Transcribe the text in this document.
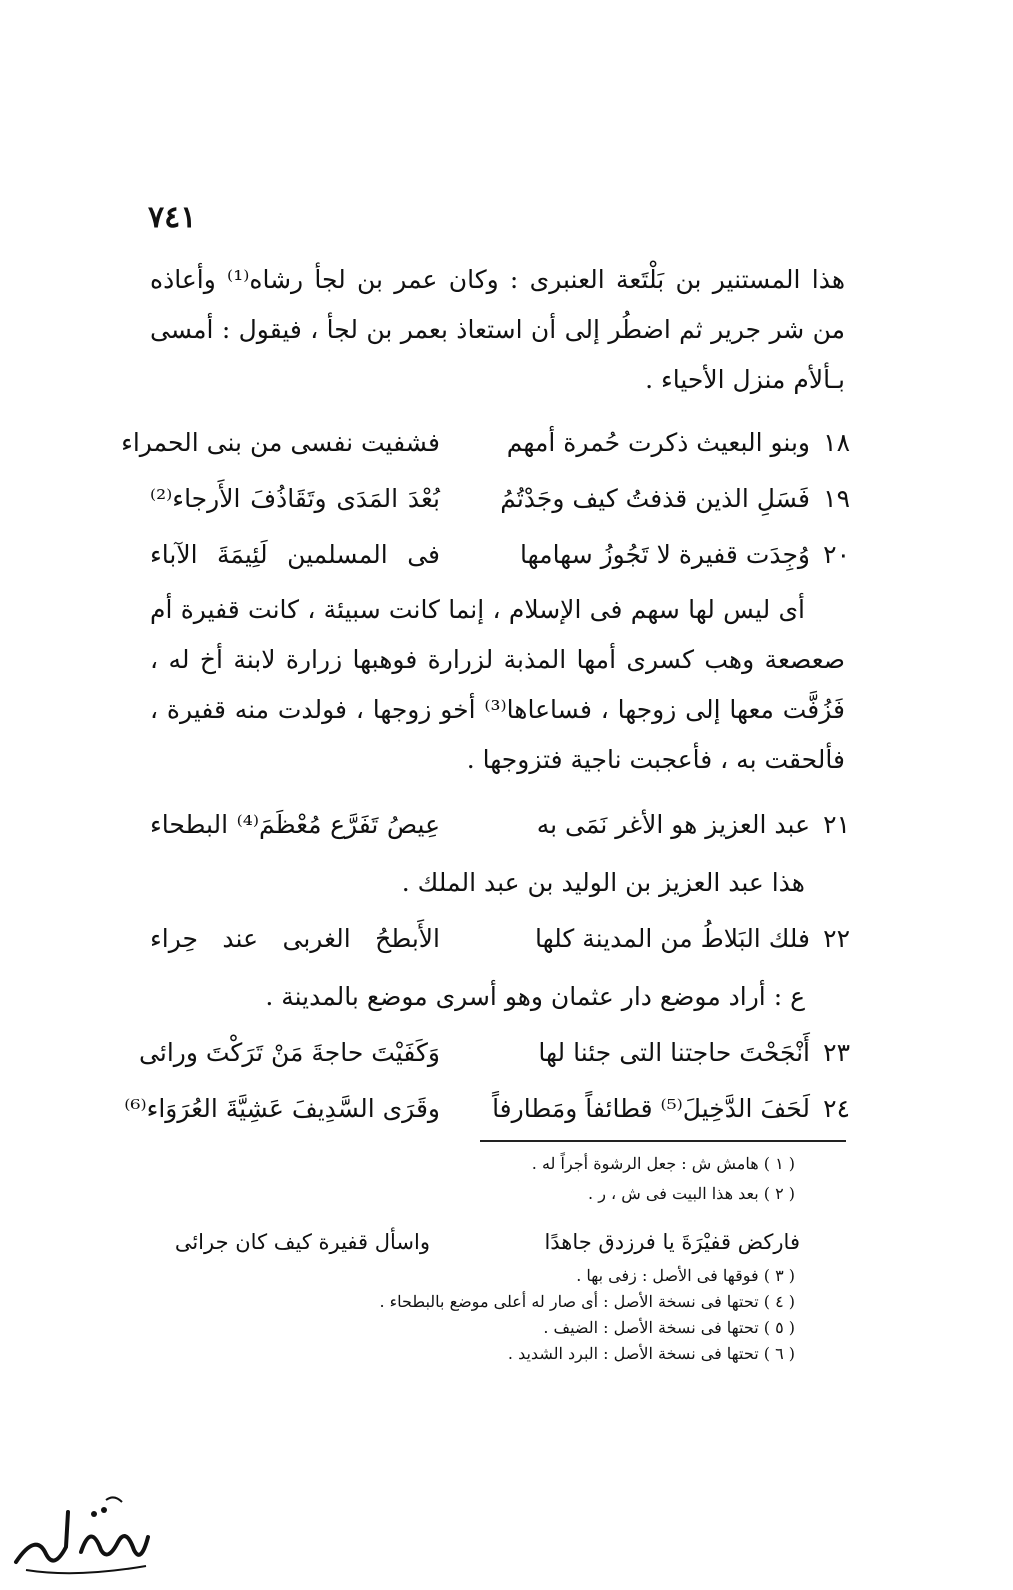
٧٤١

هذا المستنير بن بَلْتَعة العنبرى : وكان عمر بن لجأ رشاه⁽¹⁾ وأعاذه من شر جرير ثم اضطُر إلى أن استعاذ بعمر بن لجأ ، فيقول : أمسى بـألأم منزل الأحياء .

١٨
وبنو البعيث ذكرت حُمرة أمهم
فشفيت نفسى من بنى الحمراء
١٩
فَسَلِ الذين قذفتُ كيف وجَدْتُمُ
بُعْدَ المَدَى وتَقَاذُفَ الأَرجاء⁽²⁾
٢٠
وُجِدَت قفيرة لا تَجُوزُ سهامها
فى المسلمين لَئِيمَةَ الآباء

أى ليس لها سهم فى الإسلام ، إنما كانت سبيئة ، كانت قفيرة أم صعصعة وهب كسرى أمها المذبة لزرارة فوهبها زرارة لابنة أخ له ، فَزُفَّت معها إلى زوجها ، فساعاها⁽³⁾ أخو زوجها ، فولدت منه قفيرة ، فألحقت به ، فأعجبت ناجية فتزوجها .

٢١
عبد العزيز هو الأغر نَمَى به
عِيصُ تَفَرَّع مُعْظَمَ⁽⁴⁾ البطحاء
هذا عبد العزيز بن الوليد بن عبد الملك .
٢٢
فلك البَلاطُ من المدينة كلها
الأَبطحُ الغربى عند حِراء
ع : أراد موضع دار عثمان وهو أسرى موضع بالمدينة .
٢٣
أَنْجَحْتَ حاجتنا التى جئنا لها
وَكَفَيْتَ حاجةَ مَنْ تَرَكْتَ ورائى
٢٤
لَحَفَ الدَّخِيلَ⁽⁵⁾ قطائفاً ومَطارفاً
وقَرَى السَّدِيفَ عَشِيَّةَ العُرَوَاء⁽⁶⁾
( ١ ) هامش ش : جعل الرشوة أجراً له .
( ٢ ) بعد هذا البيت فى ش ، ر .
فاركض قفيْرَةَ يا فرزدق جاهدًا
واسأل قفيرة كيف كان جرائى
( ٣ ) فوقها فى الأصل : زفى بها .
( ٤ ) تحتها فى نسخة الأصل : أى صار له أعلى موضع بالبطحاء .
( ٥ ) تحتها فى نسخة الأصل : الضيف .
( ٦ ) تحتها فى نسخة الأصل : البرد الشديد .
